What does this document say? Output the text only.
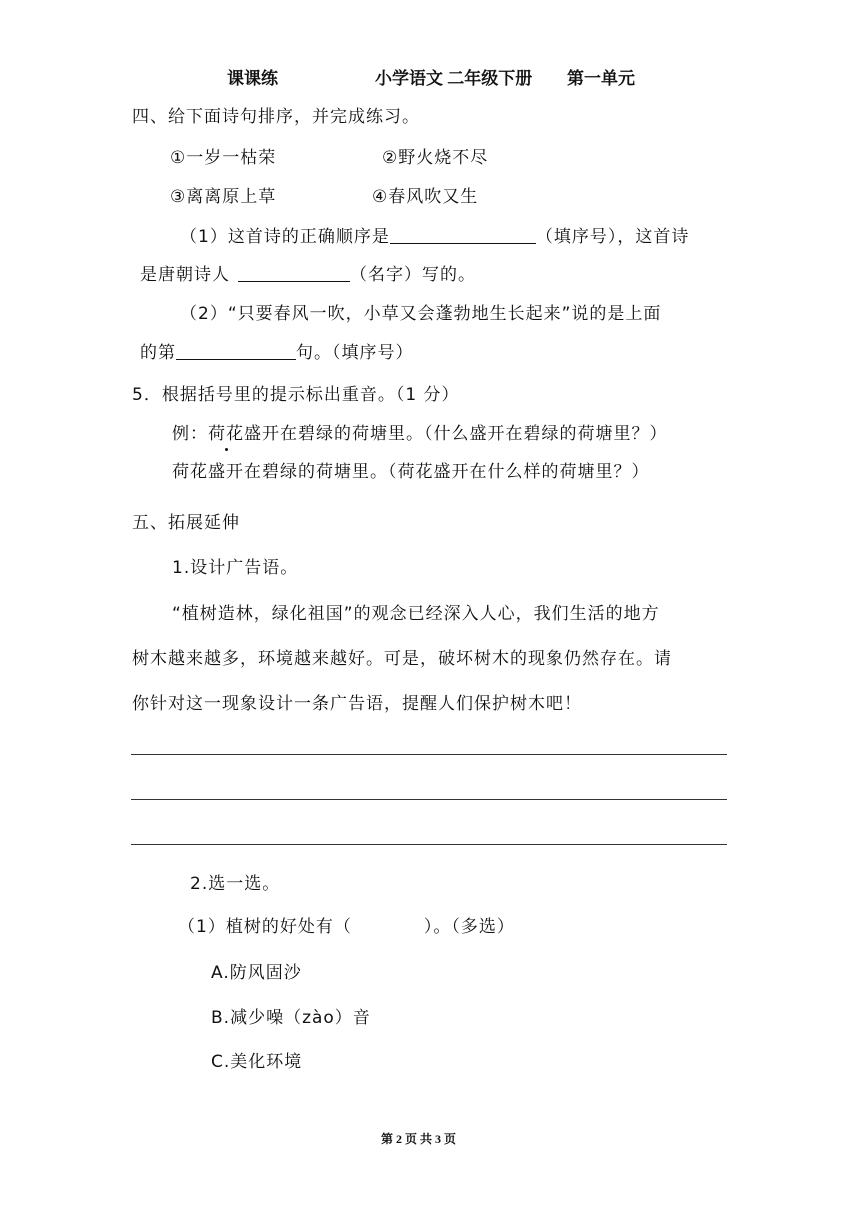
课课练	小学语文 二年级下册 第一单元
四、给下面诗句排序，并完成练习。
①一岁一枯荣	②野火烧不尽
③离离原上草	④春风吹又生
（1）这首诗的正确顺序是	（填序号），这首诗
是唐朝诗人	（名字）写的。
（2）“只要春风一吹，小草又会蓬勃地生长起来”说的是上面
的第	句。（填序号）
5．根据括号里的提示标出重音。（1 分）
例：荷花盛开在碧绿的荷塘里。（什么盛开在碧绿的荷塘里？）
荷花盛开在碧绿的荷塘里。（荷花盛开在什么样的荷塘里？）
五、拓展延伸
1.设计广告语。
“植树造林，绿化祖国”的观念已经深入人心，我们生活的地方
树木越来越多，环境越来越好。可是，破坏树木的现象仍然存在。请
你针对这一现象设计一条广告语，提醒人们保护树木吧！
2.选一选。
（1）植树的好处有（　　　　）。（多选）
A.防风固沙
B.减少噪（zào）音
C.美化环境
第 2 页 共 3 页
